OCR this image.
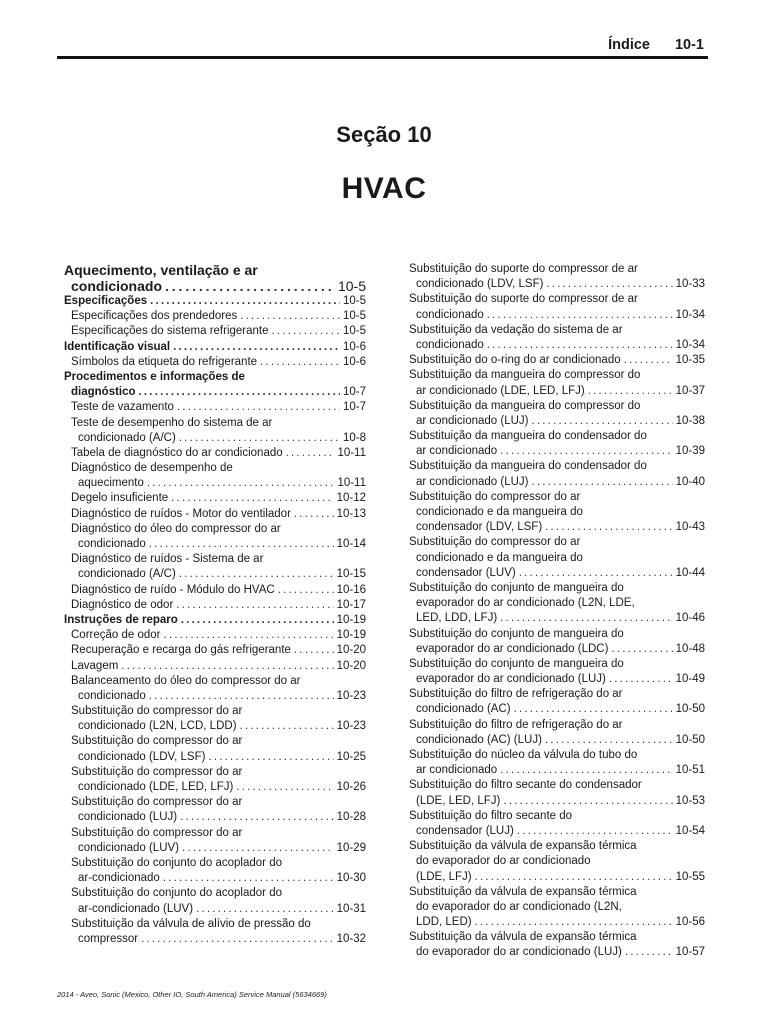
Índice 10-1
Seção 10
HVAC
Aquecimento, ventilação e ar
condicionado . . .	10-5
Especificações . . .	10-5
Especificações dos prendedores . . .	10-5
Especificações do sistema refrigerante . . .	10-5
Identificação visual . . .	10-6
Símbolos da etiqueta do refrigerante . . .	10-6
Procedimentos e informações de
diagnóstico . . .	10-7
Teste de vazamento . . .	10-7
Teste de desempenho do sistema de ar
condicionado (A/C) . . .	10-8
Tabela de diagnóstico do ar condicionado . . .	10-11
Diagnóstico de desempenho de
aquecimento . . .	10-11
Degelo insuficiente . . .	10-12
Diagnóstico de ruídos - Motor do ventilador . . .	10-13
Diagnóstico do óleo do compressor do ar
condicionado . . .	10-14
Diagnóstico de ruídos - Sistema de ar
condicionado (A/C) . . .	10-15
Diagnóstico de ruído - Módulo do HVAC . . .	10-16
Diagnóstico de odor . . .	10-17
Instruções de reparo . . .	10-19
Correção de odor . . .	10-19
Recuperação e recarga do gás refrigerante . . .	10-20
Lavagem . . .	10-20
Balanceamento do óleo do compressor do ar
condicionado . . .	10-23
Substituição do compressor do ar
condicionado (L2N, LCD, LDD) . . .	10-23
Substituição do compressor do ar
condicionado (LDV, LSF) . . .	10-25
Substituição do compressor do ar
condicionado (LDE, LED, LFJ) . . .	10-26
Substituição do compressor do ar
condicionado (LUJ) . . .	10-28
Substituição do compressor do ar
condicionado (LUV) . . .	10-29
Substituição do conjunto do acoplador do
ar-condicionado . . .	10-30
Substituição do conjunto do acoplador do
ar-condicionado (LUV) . . .	10-31
Substituição da válvula de alívio de pressão do
compressor . . .	10-32
Substituição do suporte do compressor de ar
condicionado (LDV, LSF) . . .	10-33
Substituição do suporte do compressor de ar
condicionado . . .	10-34
Substituição da vedação do sistema de ar
condicionado . . .	10-34
Substituição do o-ring do ar condicionado . . .	10-35
Substituição da mangueira do compressor do
ar condicionado (LDE, LED, LFJ) . . .	10-37
Substituição da mangueira do compressor do
ar condicionado (LUJ) . . .	10-38
Substituição da mangueira do condensador do
ar condicionado . . .	10-39
Substituição da mangueira do condensador do
ar condicionado (LUJ) . . .	10-40
Substituição do compressor do ar
condicionado e da mangueira do
condensador (LDV, LSF) . . .	10-43
Substituição do compressor do ar
condicionado e da mangueira do
condensador (LUV) . . .	10-44
Substituição do conjunto de mangueira do
evaporador do ar condicionado (L2N, LDE,
LED, LDD, LFJ) . . .	10-46
Substituição do conjunto de mangueira do
evaporador do ar condicionado (LDC) . . .	10-48
Substituição do conjunto de mangueira do
evaporador do ar condicionado (LUJ) . . .	10-49
Substituição do filtro de refrigeração do ar
condicionado (AC) . . .	10-50
Substituição do filtro de refrigeração do ar
condicionado (AC) (LUJ) . . .	10-50
Substituição do núcleo da válvula do tubo do
ar condicionado . . .	10-51
Substituição do filtro secante do condensador
(LDE, LED, LFJ) . . .	10-53
Substituição do filtro secante do
condensador (LUJ) . . .	10-54
Substituição da válvula de expansão térmica
do evaporador do ar condicionado
(LDE, LFJ) . . .	10-55
Substituição da válvula de expansão térmica
do evaporador do ar condicionado (L2N,
LDD, LED) . . .	10-56
Substituição da válvula de expansão térmica
do evaporador do ar condicionado (LUJ) . . .	10-57
2014 - Aveo, Sonic (Mexico, Other IO, South America) Service Manual (5634669)
